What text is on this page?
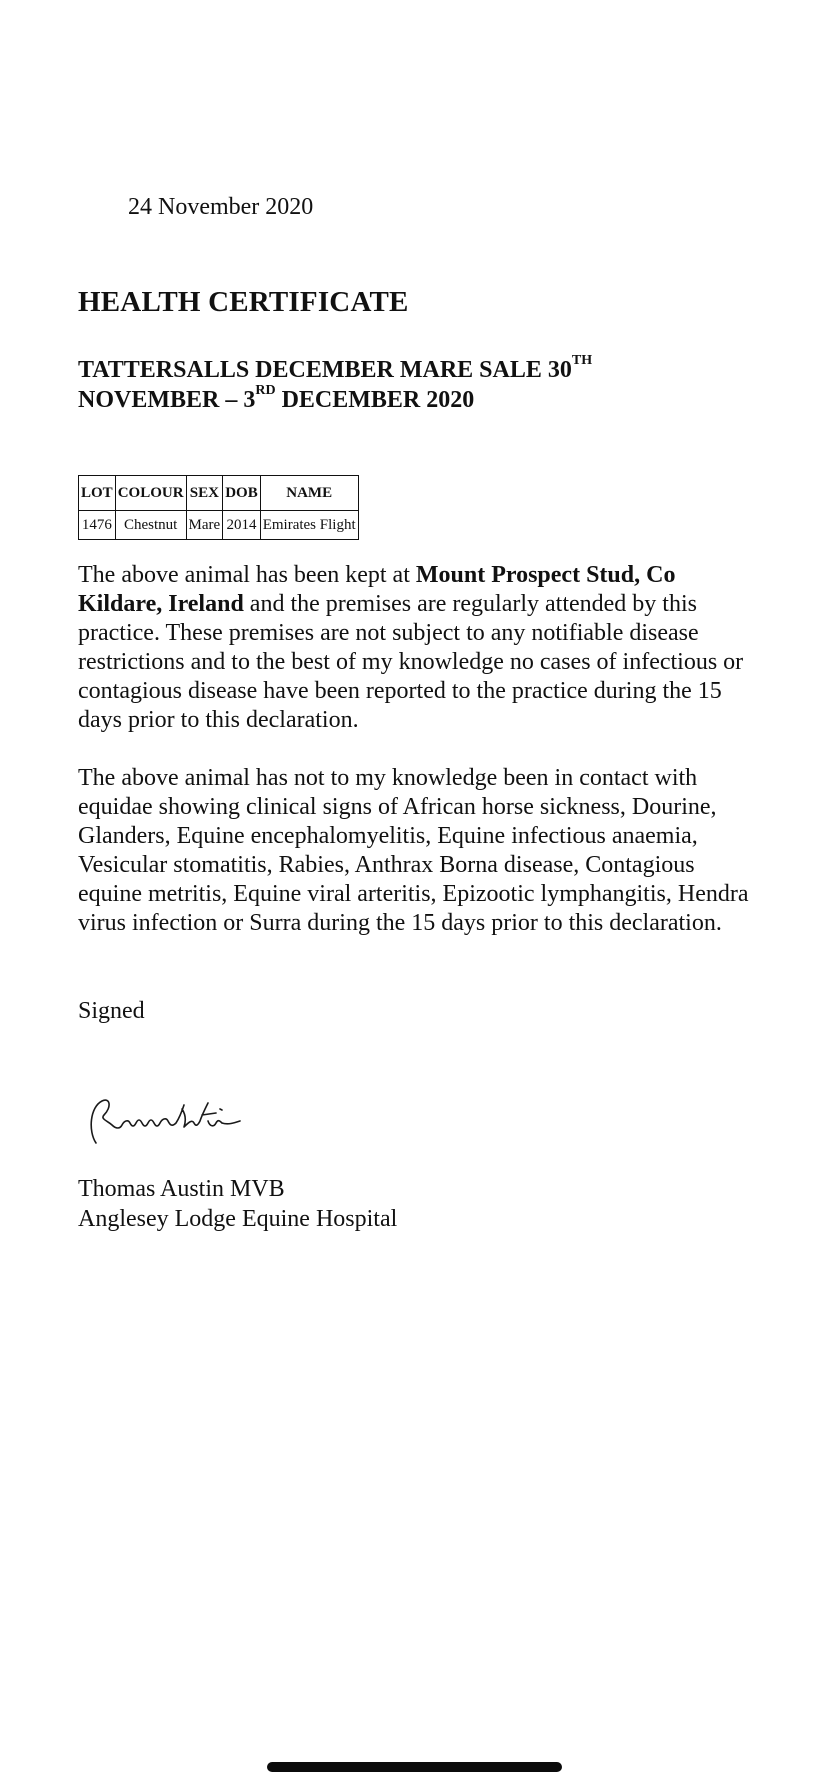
24 November 2020
HEALTH CERTIFICATE
TATTERSALLS DECEMBER MARE SALE 30TH NOVEMBER – 3RD DECEMBER 2020
LOT	COLOUR	SEX	DOB	NAME
1476	Chestnut	Mare	2014	Emirates Flight
The above animal has been kept at Mount Prospect Stud, Co Kildare, Ireland and the premises are regularly attended by this practice. These premises are not subject to any notifiable disease restrictions and to the best of my knowledge no cases of infectious or contagious disease have been reported to the practice during the 15 days prior to this declaration.
The above animal has not to my knowledge been in contact with equidae showing clinical signs of African horse sickness, Dourine, Glanders, Equine encephalomyelitis, Equine infectious anaemia, Vesicular stomatitis, Rabies, Anthrax Borna disease, Contagious equine metritis, Equine viral arteritis, Epizootic lymphangitis, Hendra virus infection or Surra during the 15 days prior to this declaration.
Signed
Thomas Austin MVB
Anglesey Lodge Equine Hospital
